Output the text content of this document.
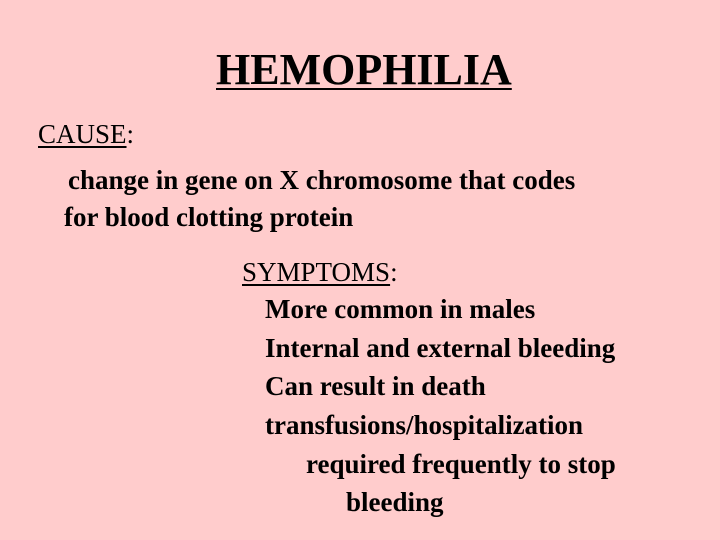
HEMOPHILIA
CAUSE:
change in gene on X chromosome that codes
for blood clotting protein
SYMPTOMS:
More common in males
Internal and external bleeding
Can result in death
transfusions/hospitalization
required frequently to stop
bleeding
